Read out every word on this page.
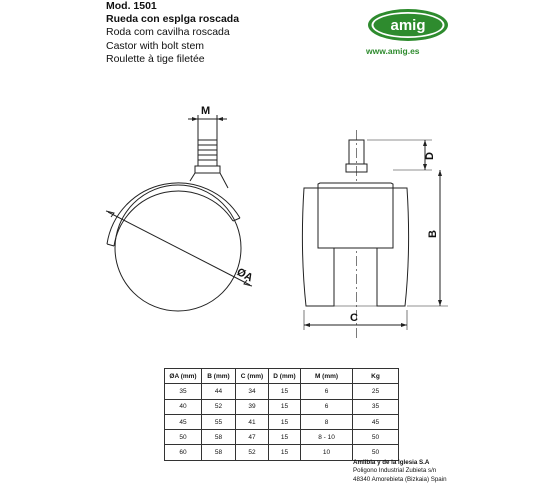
Mod. 1501
Rueda con esplga roscada
Roda com cavilha roscada
Castor with bolt stem
Roulette à tige filetée
amig
www.amig.es
M
ØA
D
B
C
ØA (mm)	B (mm)	C (mm)	D (mm)	M (mm)	Kg
35	44	34	15	6	25
40	52	39	15	6	35
45	55	41	15	8	45
50	58	47	15	8 - 10	50
60	58	52	15	10	50
Amlibla y de la Iglesia S.A
Poligono Industrial Zubieta s/n
48340 Amorebieta (Bizkaia) Spain
